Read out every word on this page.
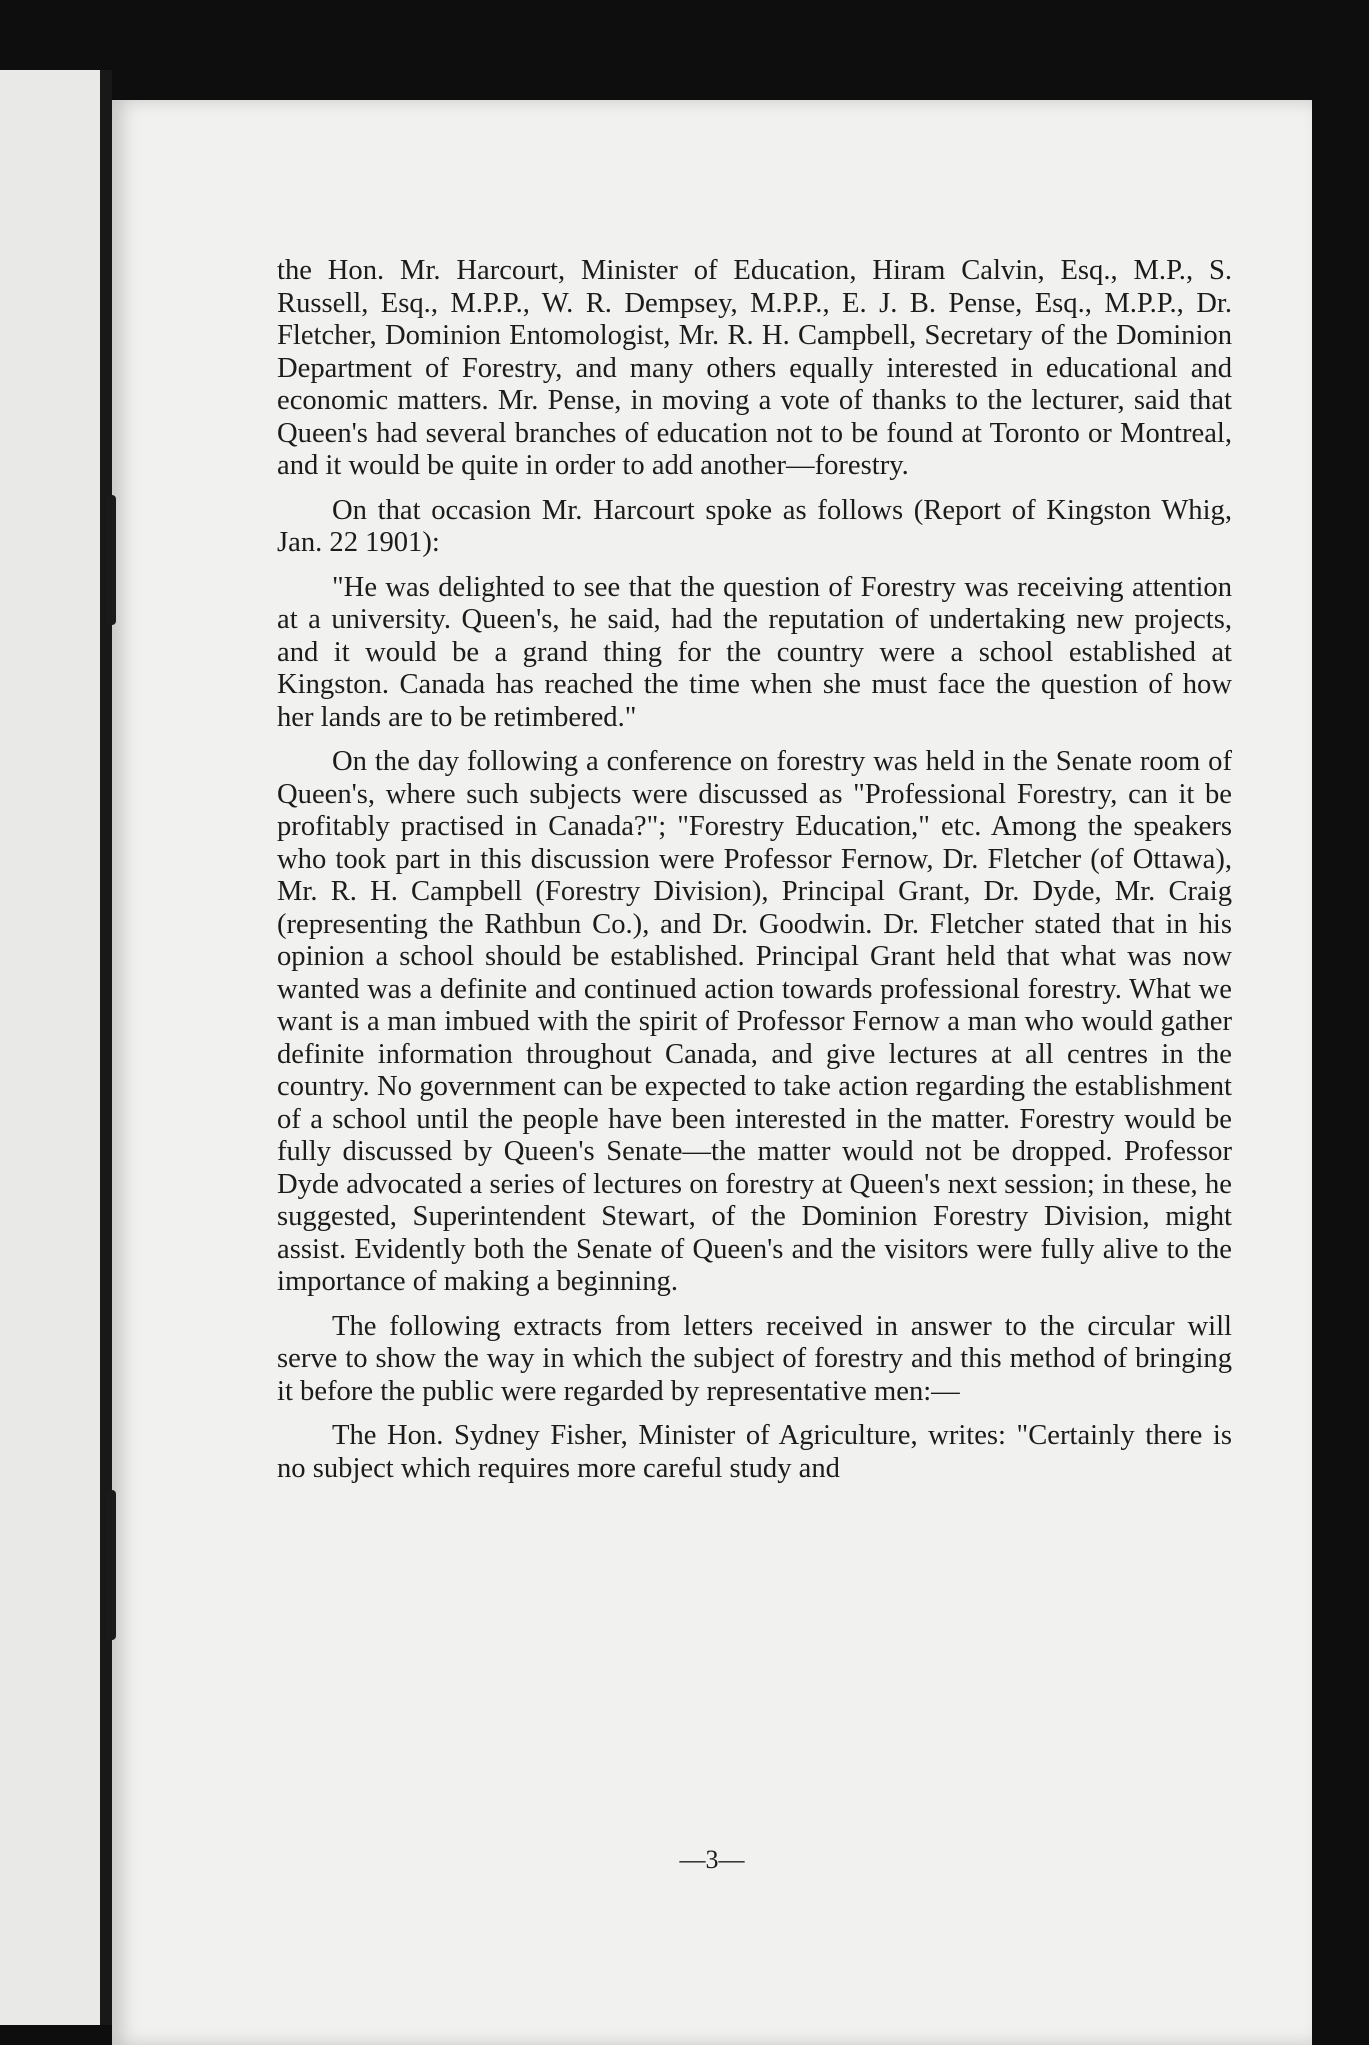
the Hon. Mr. Harcourt, Minister of Education, Hiram Calvin, Esq., M.P., S. Russell, Esq., M.P.P., W. R. Dempsey, M.P.P., E. J. B. Pense, Esq., M.P.P., Dr. Fletcher, Dominion Entomologist, Mr. R. H. Campbell, Secretary of the Dominion Department of Forestry, and many others equally interested in educational and economic matters. Mr. Pense, in moving a vote of thanks to the lecturer, said that Queen's had several branches of education not to be found at Toronto or Montreal, and it would be quite in order to add another—forestry.

On that occasion Mr. Harcourt spoke as follows (Report of Kingston Whig, Jan. 22 1901):

"He was delighted to see that the question of Forestry was receiving attention at a university. Queen's, he said, had the reputation of undertaking new projects, and it would be a grand thing for the country were a school established at Kingston. Canada has reached the time when she must face the question of how her lands are to be retimbered."

On the day following a conference on forestry was held in the Senate room of Queen's, where such subjects were discussed as "Professional Forestry, can it be profitably practised in Canada?"; "Forestry Education," etc. Among the speakers who took part in this discussion were Professor Fernow, Dr. Fletcher (of Ottawa), Mr. R. H. Campbell (Forestry Division), Principal Grant, Dr. Dyde, Mr. Craig (representing the Rathbun Co.), and Dr. Goodwin. Dr. Fletcher stated that in his opinion a school should be established. Principal Grant held that what was now wanted was a definite and continued action towards professional forestry. What we want is a man imbued with the spirit of Professor Fernow a man who would gather definite information throughout Canada, and give lectures at all centres in the country. No government can be expected to take action regarding the establishment of a school until the people have been interested in the matter. Forestry would be fully discussed by Queen's Senate—the matter would not be dropped. Professor Dyde advocated a series of lectures on forestry at Queen's next session; in these, he suggested, Superintendent Stewart, of the Dominion Forestry Division, might assist. Evidently both the Senate of Queen's and the visitors were fully alive to the importance of making a beginning.

The following extracts from letters received in answer to the circular will serve to show the way in which the subject of forestry and this method of bringing it before the public were regarded by representative men:—

The Hon. Sydney Fisher, Minister of Agriculture, writes: "Certainly there is no subject which requires more careful study and

—3—
